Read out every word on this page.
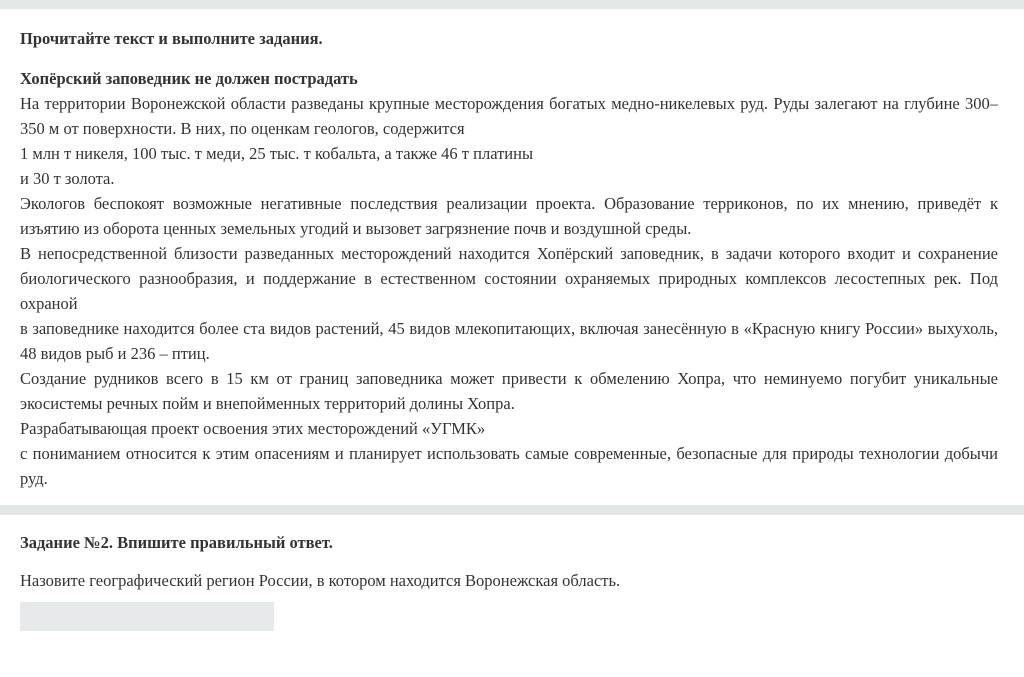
Прочитайте текст и выполните задания.

Хопёрский заповедник не должен пострадать

На территории Воронежской области разведаны крупные месторождения богатых медно-никелевых руд. Руды залегают на глубине 300– 350 м от поверхности. В них, по оценкам геологов, содержится

1 млн т никеля, 100 тыс. т меди, 25 тыс. т кобальта, а также 46 т платины

и 30 т золота.

Экологов беспокоят возможные негативные последствия реализации проекта. Образование терриконов, по их мнению, приведёт к изъятию из оборота ценных земельных угодий и вызовет загрязнение почв и воздушной среды.

В непосредственной близости разведанных месторождений находится Хопёрский заповедник, в задачи которого входит и сохранение биологического разнообразия, и поддержание в естественном состоянии охраняемых природных комплексов лесостепных рек. Под охраной

в заповеднике находится более ста видов растений, 45 видов млекопитающих, включая занесённую в «Красную книгу России» выхухоль, 48 видов рыб и 236 – птиц.

Создание рудников всего в 15 км от границ заповедника может привести к обмелению Хопра, что неминуемо погубит уникальные экосистемы речных пойм и внепойменных территорий долины Хопра.

Разрабатывающая проект освоения этих месторождений «УГМК»

с пониманием относится к этим опасениям и планирует использовать самые современные, безопасные для природы технологии добычи руд.

Задание №2. Впишите правильный ответ.

Назовите географический регион России, в котором находится Воронежская область.
